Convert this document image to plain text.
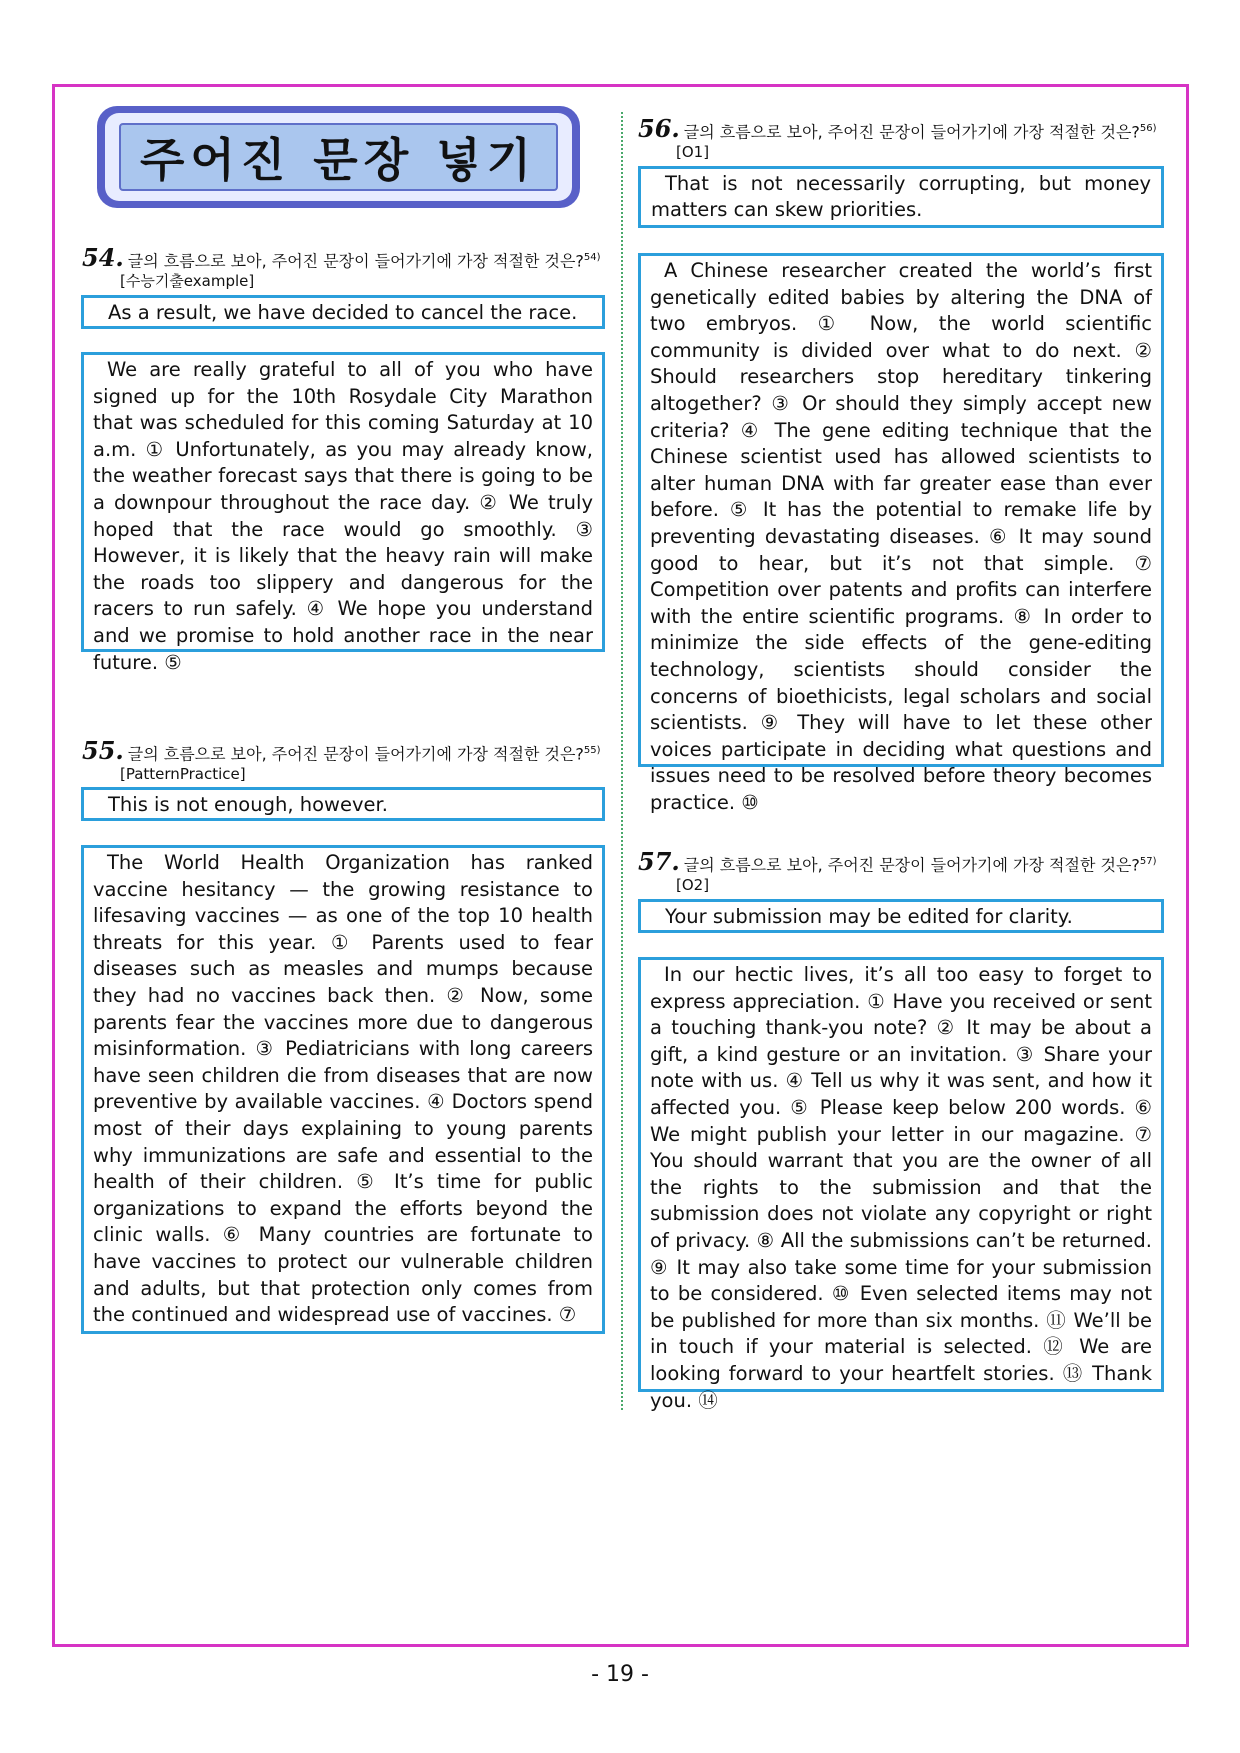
주어진 문장 넣기
54. 글의 흐름으로 보아, 주어진 문장이 들어가기에 가장 적절한 것은?$^{54)}$
[수능기출example]
As a result, we have decided to cancel the race.

We are really grateful to all of you who have signed up for the 10th Rosydale City Marathon that was scheduled for this coming Saturday at 10 a.m. ① Unfortunately, as you may already know, the weather forecast says that there is going to be a downpour throughout the race day. ② We truly hoped that the race would go smoothly. ③ However, it is likely that the heavy rain will make the roads too slippery and dangerous for the racers to run safely. ④ We hope you understand and we promise to hold another race in the near future. ⑤

55. 글의 흐름으로 보아, 주어진 문장이 들어가기에 가장 적절한 것은?$^{55)}$
[PatternPractice]
This is not enough, however.

The World Health Organization has ranked vaccine hesitancy — the growing resistance to lifesaving vaccines — as one of the top 10 health threats for this year. ① Parents used to fear diseases such as measles and mumps because they had no vaccines back then. ② Now, some parents fear the vaccines more due to dangerous misinformation. ③ Pediatricians with long careers have seen children die from diseases that are now preventive by available vaccines. ④ Doctors spend most of their days explaining to young parents why immunizations are safe and essential to the health of their children. ⑤ It’s time for public organizations to expand the efforts beyond the clinic walls. ⑥ Many countries are fortunate to have vaccines to protect our vulnerable children and adults, but that protection only comes from the continued and widespread use of vaccines. ⑦

56. 글의 흐름으로 보아, 주어진 문장이 들어가기에 가장 적절한 것은?$^{56)}$
[O1]
That is not necessarily corrupting, but money matters can skew priorities.

A Chinese researcher created the world’s first genetically edited babies by altering the DNA of two embryos. ① Now, the world scientific community is divided over what to do next. ② Should researchers stop hereditary tinkering altogether? ③ Or should they simply accept new criteria? ④ The gene editing technique that the Chinese scientist used has allowed scientists to alter human DNA with far greater ease than ever before. ⑤ It has the potential to remake life by preventing devastating diseases. ⑥ It may sound good to hear, but it’s not that simple. ⑦ Competition over patents and profits can interfere with the entire scientific programs. ⑧ In order to minimize the side effects of the gene-editing technology, scientists should consider the concerns of bioethicists, legal scholars and social scientists. ⑨ They will have to let these other voices participate in deciding what questions and issues need to be resolved before theory becomes practice. ⑩

57. 글의 흐름으로 보아, 주어진 문장이 들어가기에 가장 적절한 것은?$^{57)}$
[O2]
Your submission may be edited for clarity.

In our hectic lives, it’s all too easy to forget to express appreciation. ① Have you received or sent a touching thank-you note? ② It may be about a gift, a kind gesture or an invitation. ③ Share your note with us. ④ Tell us why it was sent, and how it affected you. ⑤ Please keep below 200 words. ⑥ We might publish your letter in our magazine. ⑦ You should warrant that you are the owner of all the rights to the submission and that the submission does not violate any copyright or right of privacy. ⑧ All the submissions can’t be returned. ⑨ It may also take some time for your submission to be considered. ⑩ Even selected items may not be published for more than six months. ⑪ We’ll be in touch if your material is selected. ⑫ We are looking forward to your heartfelt stories. ⑬ Thank you. ⑭

- 19 -
